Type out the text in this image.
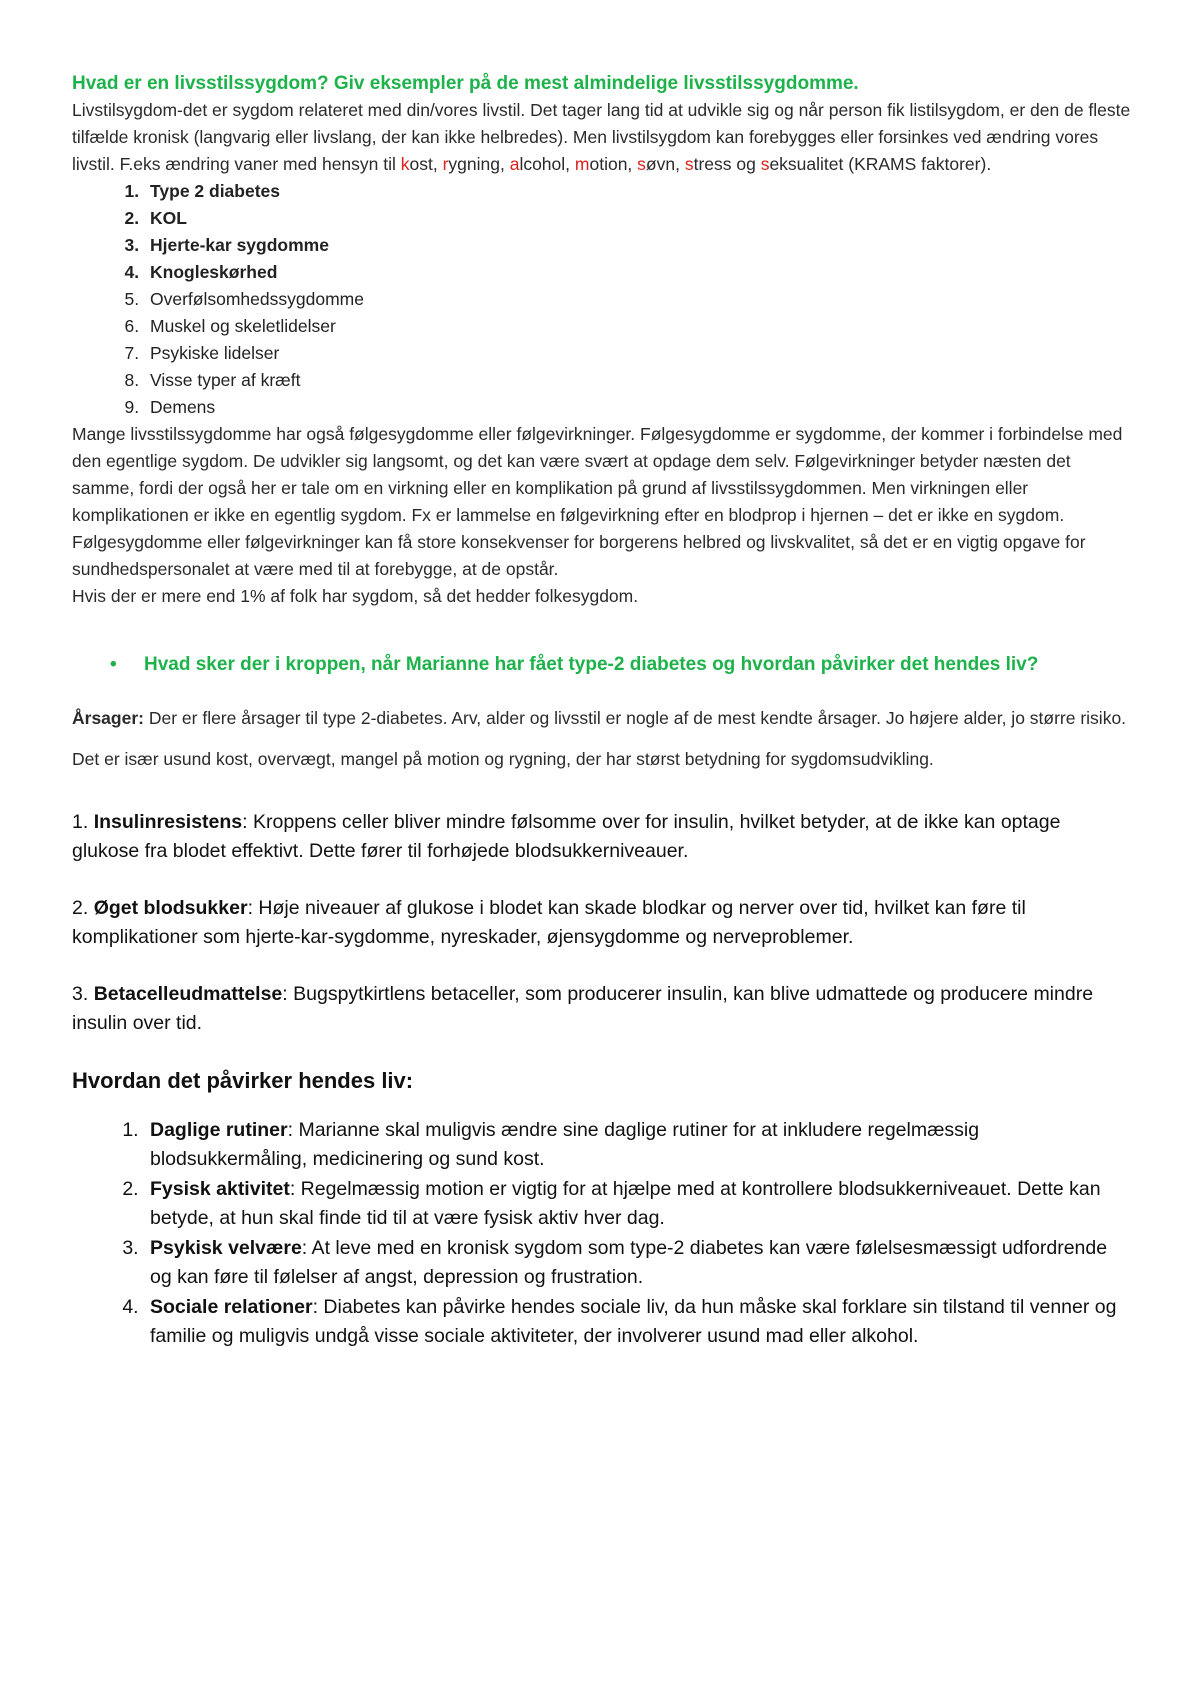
Hvad er en livsstilssygdom? Giv eksempler på de mest almindelige livsstilssygdomme.

Livstilsygdom-det er sygdom relateret med din/vores livstil. Det tager lang tid at udvikle sig og når person fik listilsygdom, er den de fleste tilfælde kronisk (langvarig eller livslang, der kan ikke helbredes). Men livstilsygdom kan forebygges eller forsinkes ved ændring vores livstil. F.eks ændring vaner med hensyn til kost, rygning, alcohol, motion, søvn, stress og seksualitet (KRAMS faktorer).

1. Type 2 diabetes
2. KOL
3. Hjerte-kar sygdomme
4. Knogleskørhed
5. Overfølsomhedssygdomme
6. Muskel og skeletlidelser
7. Psykiske lidelser
8. Visse typer af kræft
9. Demens

Mange livsstilssygdomme har også følgesygdomme eller følgevirkninger. Følgesygdomme er sygdomme, der kommer i forbindelse med den egentlige sygdom. De udvikler sig langsomt, og det kan være svært at opdage dem selv. Følgevirkninger betyder næsten det samme, fordi der også her er tale om en virkning eller en komplikation på grund af livsstilssygdommen. Men virkningen eller komplikationen er ikke en egentlig sygdom. Fx er lammelse en følgevirkning efter en blodprop i hjernen – det er ikke en sygdom. Følgesygdomme eller følgevirkninger kan få store konsekvenser for borgerens helbred og livskvalitet, så det er en vigtig opgave for sundhedspersonalet at være med til at forebygge, at de opstår.

Hvis der er mere end 1% af folk har sygdom, så det hedder folkesygdom.

• Hvad sker der i kroppen, når Marianne har fået type-2 diabetes og hvordan påvirker det hendes liv?

Årsager: Der er flere årsager til type 2-diabetes. Arv, alder og livsstil er nogle af de mest kendte årsager. Jo højere alder, jo større risiko. Det er især usund kost, overvægt, mangel på motion og rygning, der har størst betydning for sygdomsudvikling.

1. Insulinresistens: Kroppens celler bliver mindre følsomme over for insulin, hvilket betyder, at de ikke kan optage glukose fra blodet effektivt. Dette fører til forhøjede blodsukkerniveauer.

2. Øget blodsukker: Høje niveauer af glukose i blodet kan skade blodkar og nerver over tid, hvilket kan føre til komplikationer som hjerte-kar-sygdomme, nyreskader, øjensygdomme og nerveproblemer.

3. Betacelleudmattelse: Bugspytkirtlens betaceller, som producerer insulin, kan blive udmattede og producere mindre insulin over tid.

Hvordan det påvirker hendes liv:

1. Daglige rutiner: Marianne skal muligvis ændre sine daglige rutiner for at inkludere regelmæssig blodsukkermåling, medicinering og sund kost.
2. Fysisk aktivitet: Regelmæssig motion er vigtig for at hjælpe med at kontrollere blodsukkerniveauet. Dette kan betyde, at hun skal finde tid til at være fysisk aktiv hver dag.
3. Psykisk velvære: At leve med en kronisk sygdom som type-2 diabetes kan være følelsesmæssigt udfordrende og kan føre til følelser af angst, depression og frustration.
4. Sociale relationer: Diabetes kan påvirke hendes sociale liv, da hun måske skal forklare sin tilstand til venner og familie og muligvis undgå visse sociale aktiviteter, der involverer usund mad eller alkohol.
